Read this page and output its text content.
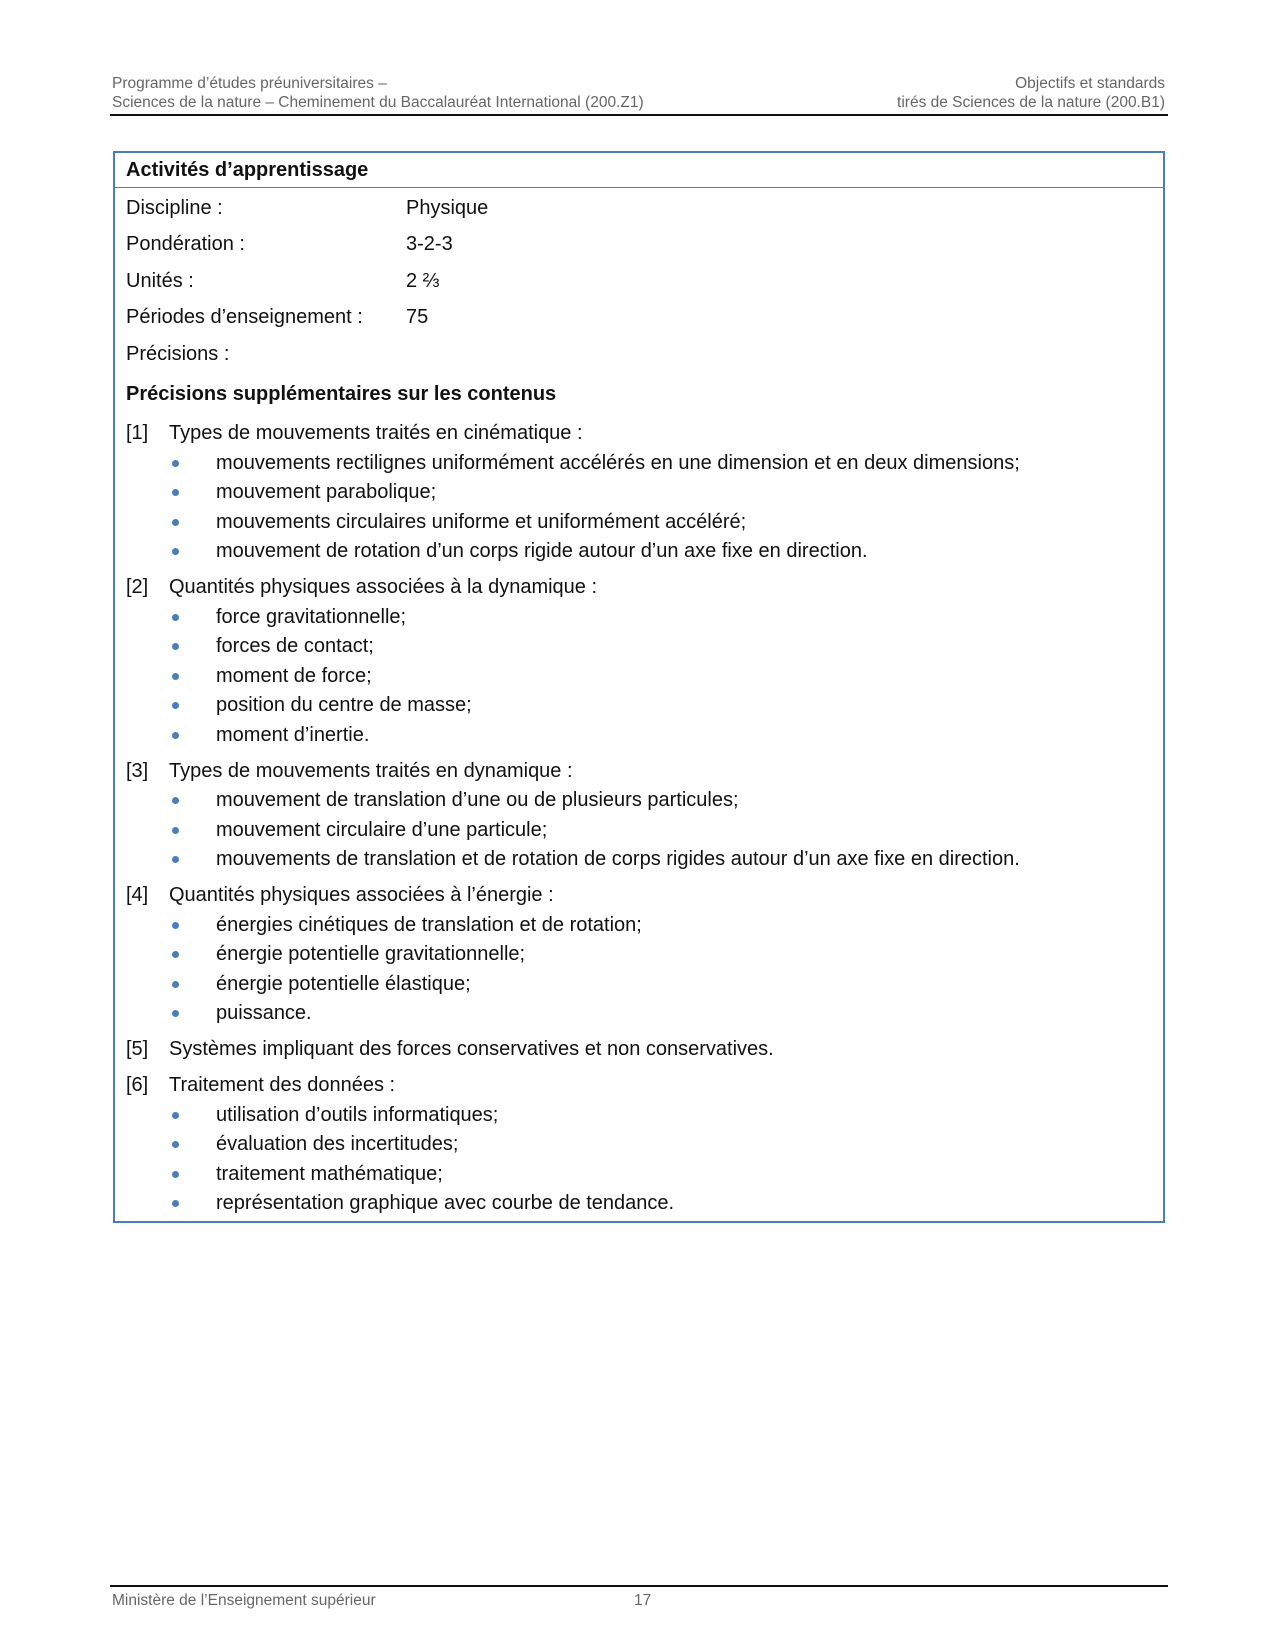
Programme d’études préuniversitaires –
Sciences de la nature – Cheminement du Baccalauréat International (200.Z1)
Objectifs et standards
tirés de Sciences de la nature (200.B1)
Activités d’apprentissage
Discipline :	Physique
Pondération :	3-2-3
Unités :	2 ⅔
Périodes d’enseignement :	75
Précisions :
Précisions supplémentaires sur les contenus
[1]	Types de mouvements traités en cinématique :
mouvements rectilignes uniformément accélérés en une dimension et en deux dimensions;
mouvement parabolique;
mouvements circulaires uniforme et uniformément accéléré;
mouvement de rotation d’un corps rigide autour d’un axe fixe en direction.
[2]	Quantités physiques associées à la dynamique :
force gravitationnelle;
forces de contact;
moment de force;
position du centre de masse;
moment d’inertie.
[3]	Types de mouvements traités en dynamique :
mouvement de translation d’une ou de plusieurs particules;
mouvement circulaire d’une particule;
mouvements de translation et de rotation de corps rigides autour d’un axe fixe en direction.
[4]	Quantités physiques associées à l’énergie :
énergies cinétiques de translation et de rotation;
énergie potentielle gravitationnelle;
énergie potentielle élastique;
puissance.
[5]	Systèmes impliquant des forces conservatives et non conservatives.
[6]	Traitement des données :
utilisation d’outils informatiques;
évaluation des incertitudes;
traitement mathématique;
représentation graphique avec courbe de tendance.
Ministère de l’Enseignement supérieur	17
